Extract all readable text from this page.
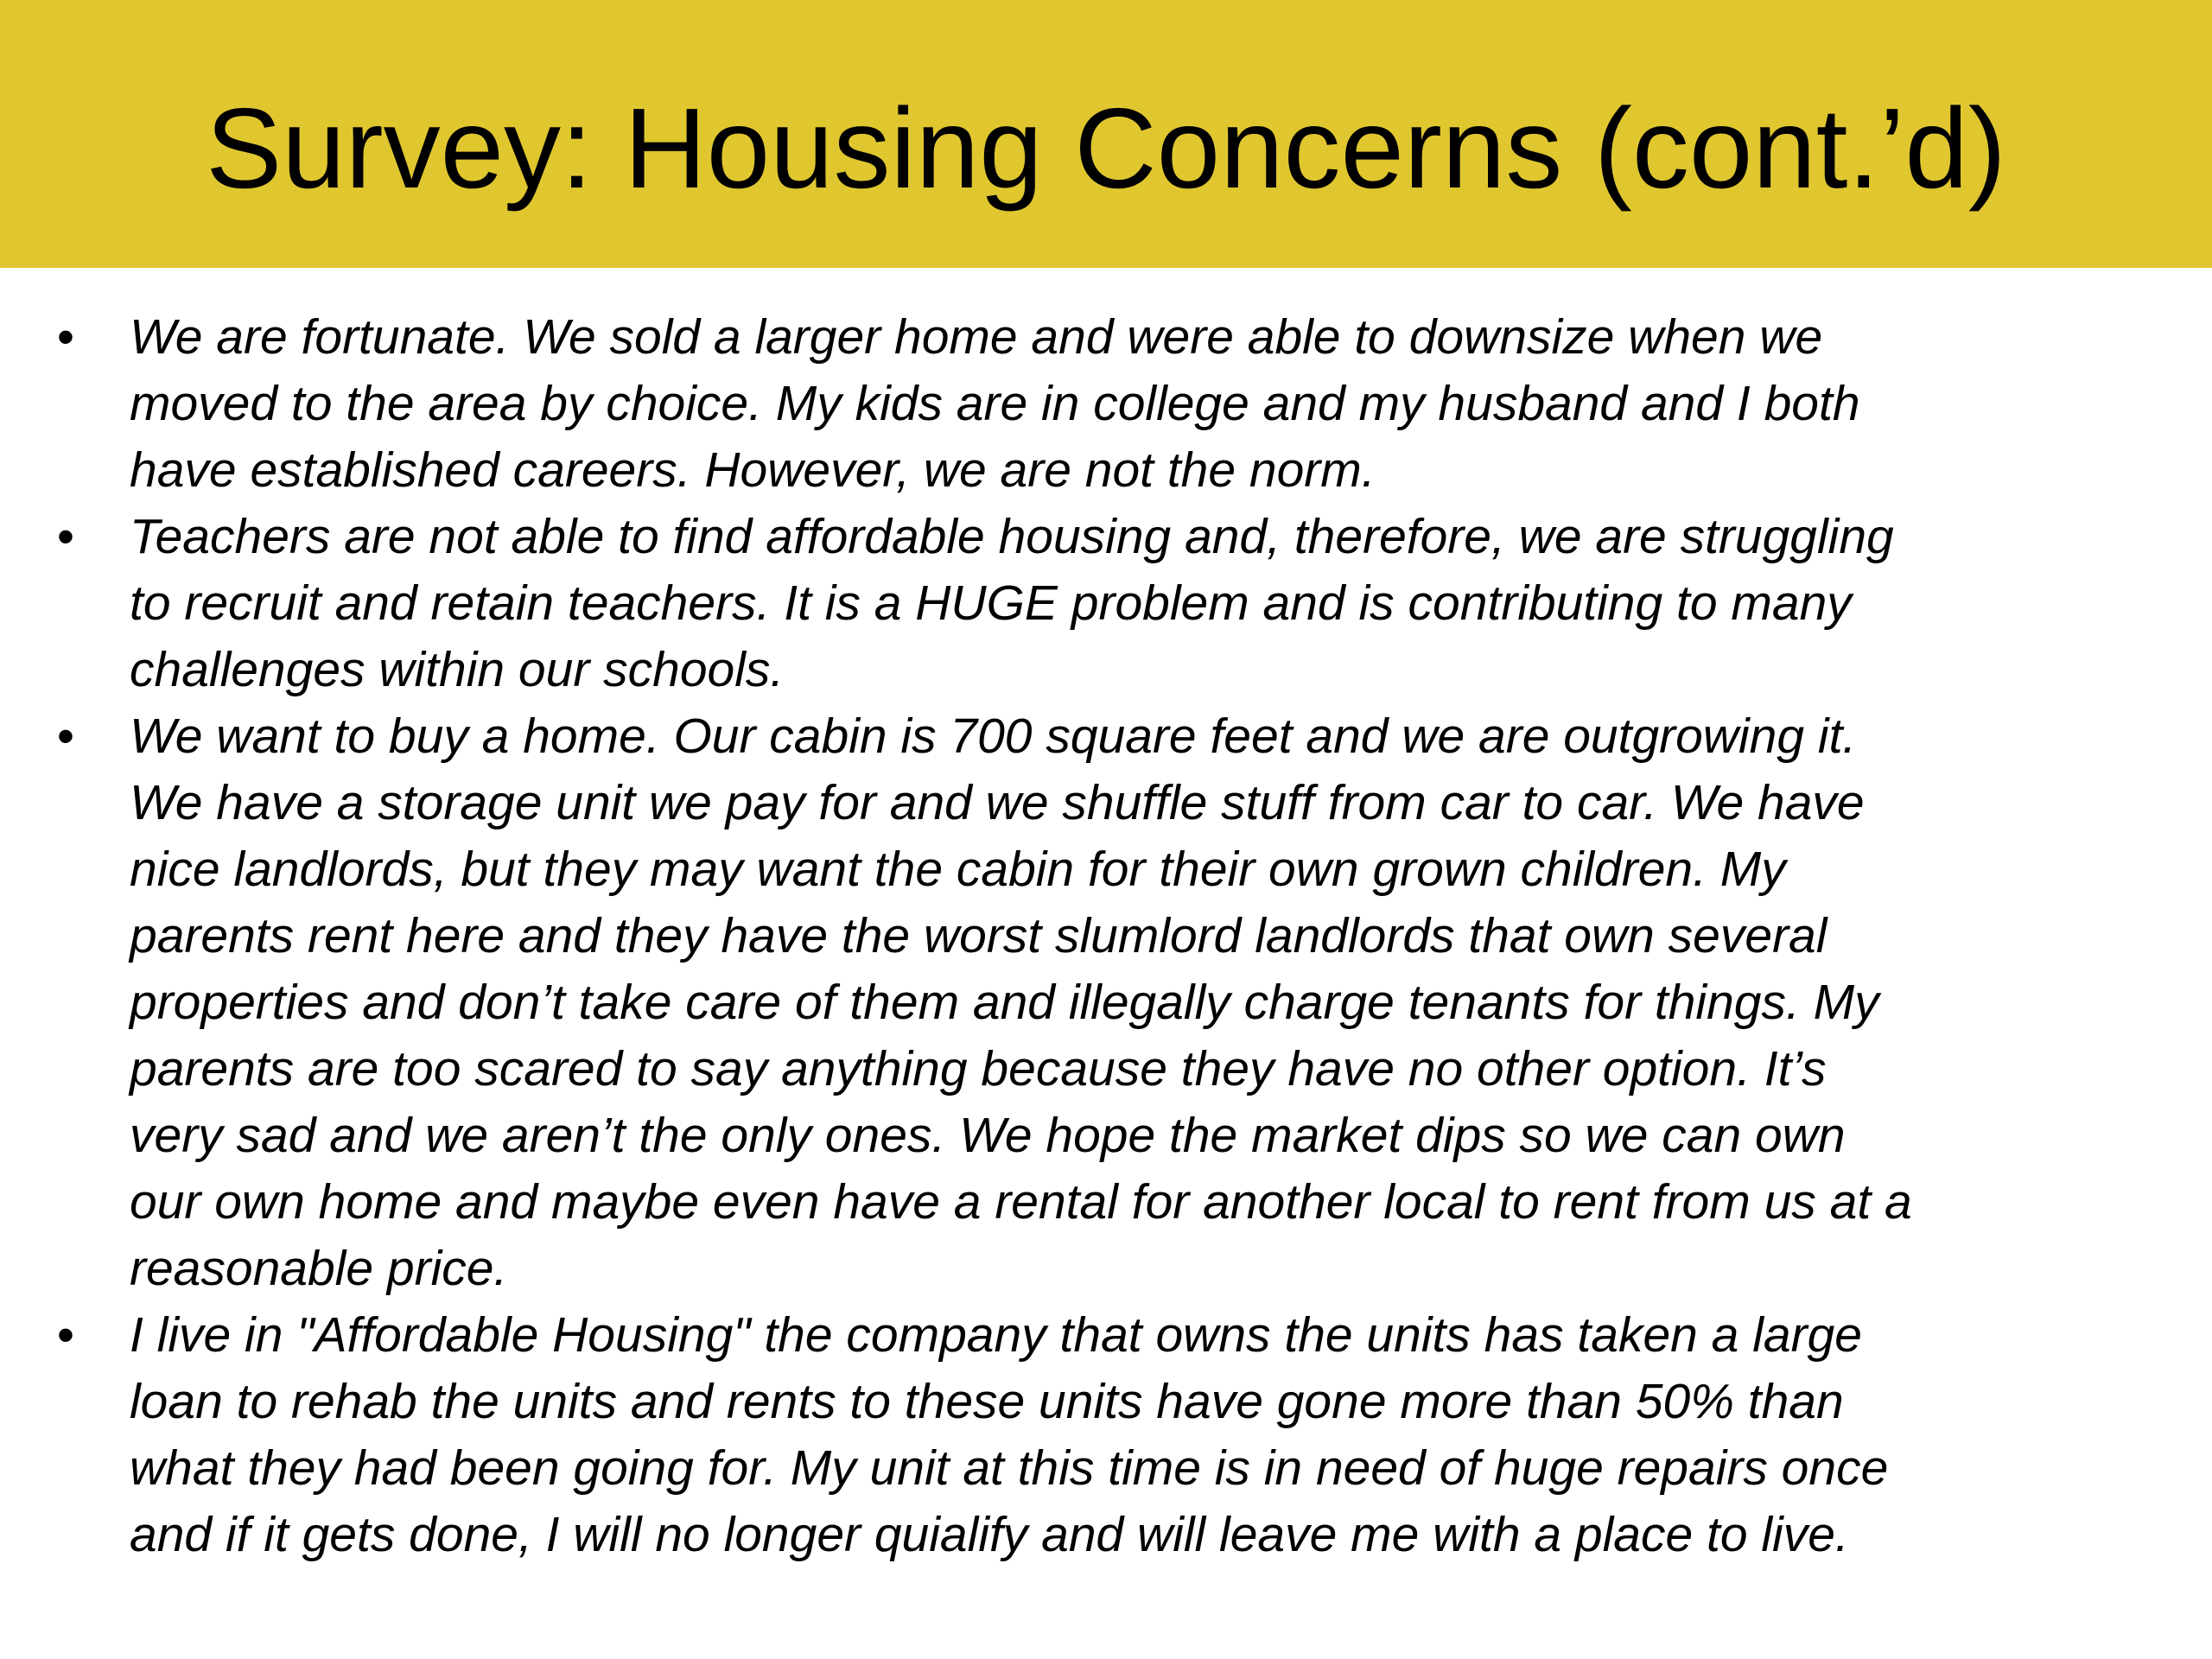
Survey: Housing Concerns (cont.’d)
• We are fortunate. We sold a larger home and were able to downsize when we
moved to the area by choice. My kids are in college and my husband and I both
have established careers. However, we are not the norm.
• Teachers are not able to find affordable housing and, therefore, we are struggling
to recruit and retain teachers. It is a HUGE problem and is contributing to many
challenges within our schools.
• We want to buy a home. Our cabin is 700 square feet and we are outgrowing it.
We have a storage unit we pay for and we shuffle stuff from car to car. We have
nice landlords, but they may want the cabin for their own grown children. My
parents rent here and they have the worst slumlord landlords that own several
properties and don’t take care of them and illegally charge tenants for things. My
parents are too scared to say anything because they have no other option. It’s
very sad and we aren’t the only ones. We hope the market dips so we can own
our own home and maybe even have a rental for another local to rent from us at a
reasonable price.
• I live in "Affordable Housing" the company that owns the units has taken a large
loan to rehab the units and rents to these units have gone more than 50% than
what they had been going for. My unit at this time is in need of huge repairs once
and if it gets done, I will no longer quialify and will leave me with a place to live.
